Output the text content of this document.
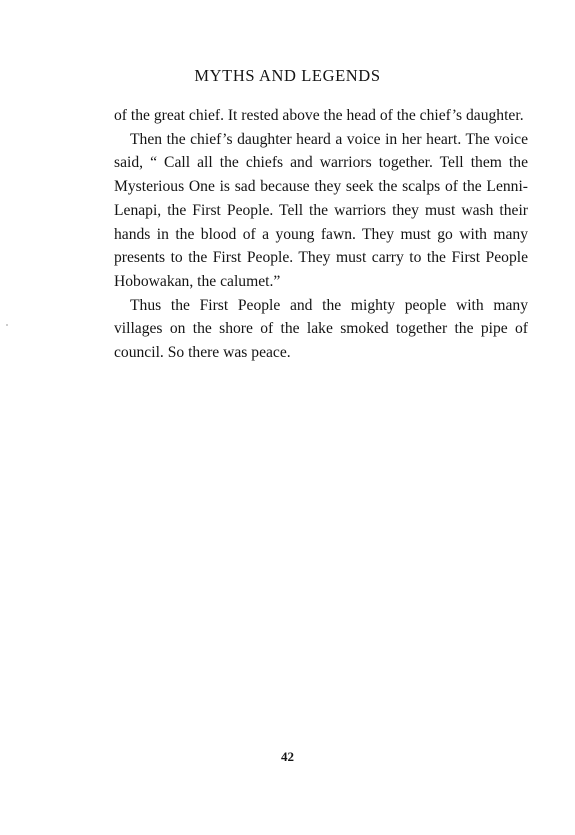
MYTHS AND LEGENDS

of the great chief. It rested above the head of the chief’s daughter.

Then the chief’s daughter heard a voice in her heart. The voice said, “ Call all the chiefs and warriors together. Tell them the Mysterious One is sad because they seek the scalps of the Lenni-Lenapi, the First People. Tell the warriors they must wash their hands in the blood of a young fawn. They must go with many presents to the First People. They must carry to the First People Hobowakan, the calumet.”

Thus the First People and the mighty people with many villages on the shore of the lake smoked together the pipe of council. So there was peace.

42
